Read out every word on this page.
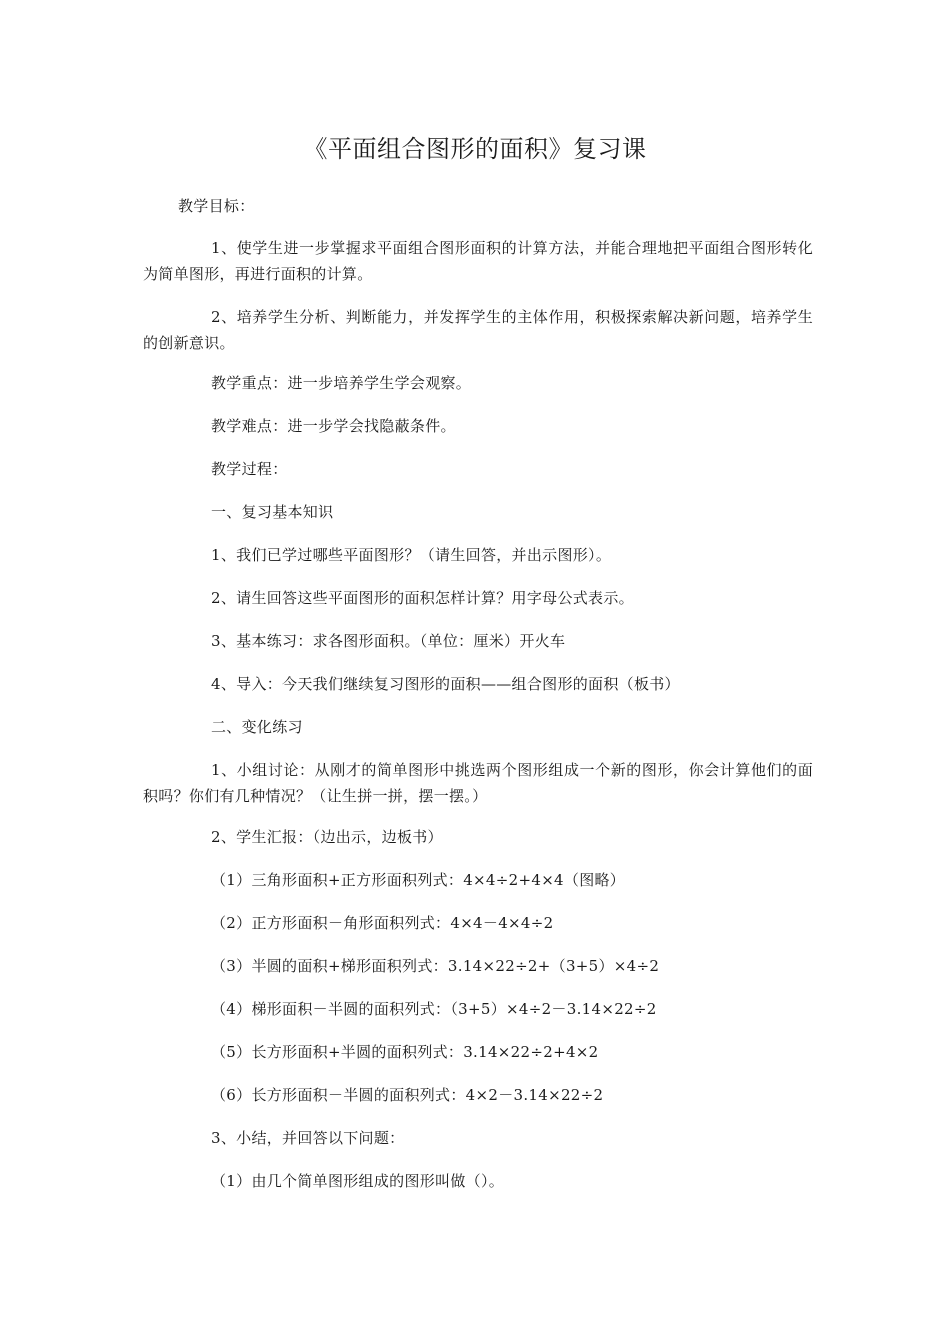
《平面组合图形的面积》复习课
教学目标：
1、使学生进一步掌握求平面组合图形面积的计算方法，并能合理地把平面组合图形转化为简单图形，再进行面积的计算。
2、培养学生分析、判断能力，并发挥学生的主体作用，积极探索解决新问题，培养学生的创新意识。
教学重点：进一步培养学生学会观察。
教学难点：进一步学会找隐蔽条件。
教学过程：
一、复习基本知识
1、我们已学过哪些平面图形？（请生回答，并出示图形）。
2、请生回答这些平面图形的面积怎样计算？用字母公式表示。
3、基本练习：求各图形面积。（单位：厘米）开火车
4、导入：今天我们继续复习图形的面积——组合图形的面积（板书）
二、变化练习
1、小组讨论：从刚才的简单图形中挑选两个图形组成一个新的图形，你会计算他们的面积吗？你们有几种情况？（让生拼一拼，摆一摆。）
2、学生汇报：（边出示，边板书）
（1）三角形面积+正方形面积列式：4×4÷2+4×4（图略）
（2）正方形面积－角形面积列式：4×4－4×4÷2
（3）半圆的面积+梯形面积列式：3.14×22÷2+（3+5）×4÷2
（4）梯形面积－半圆的面积列式：（3+5）×4÷2－3.14×22÷2
（5）长方形面积+半圆的面积列式：3.14×22÷2+4×2
（6）长方形面积－半圆的面积列式：4×2－3.14×22÷2
3、小结，并回答以下问题：
（1）由几个简单图形组成的图形叫做（）。
